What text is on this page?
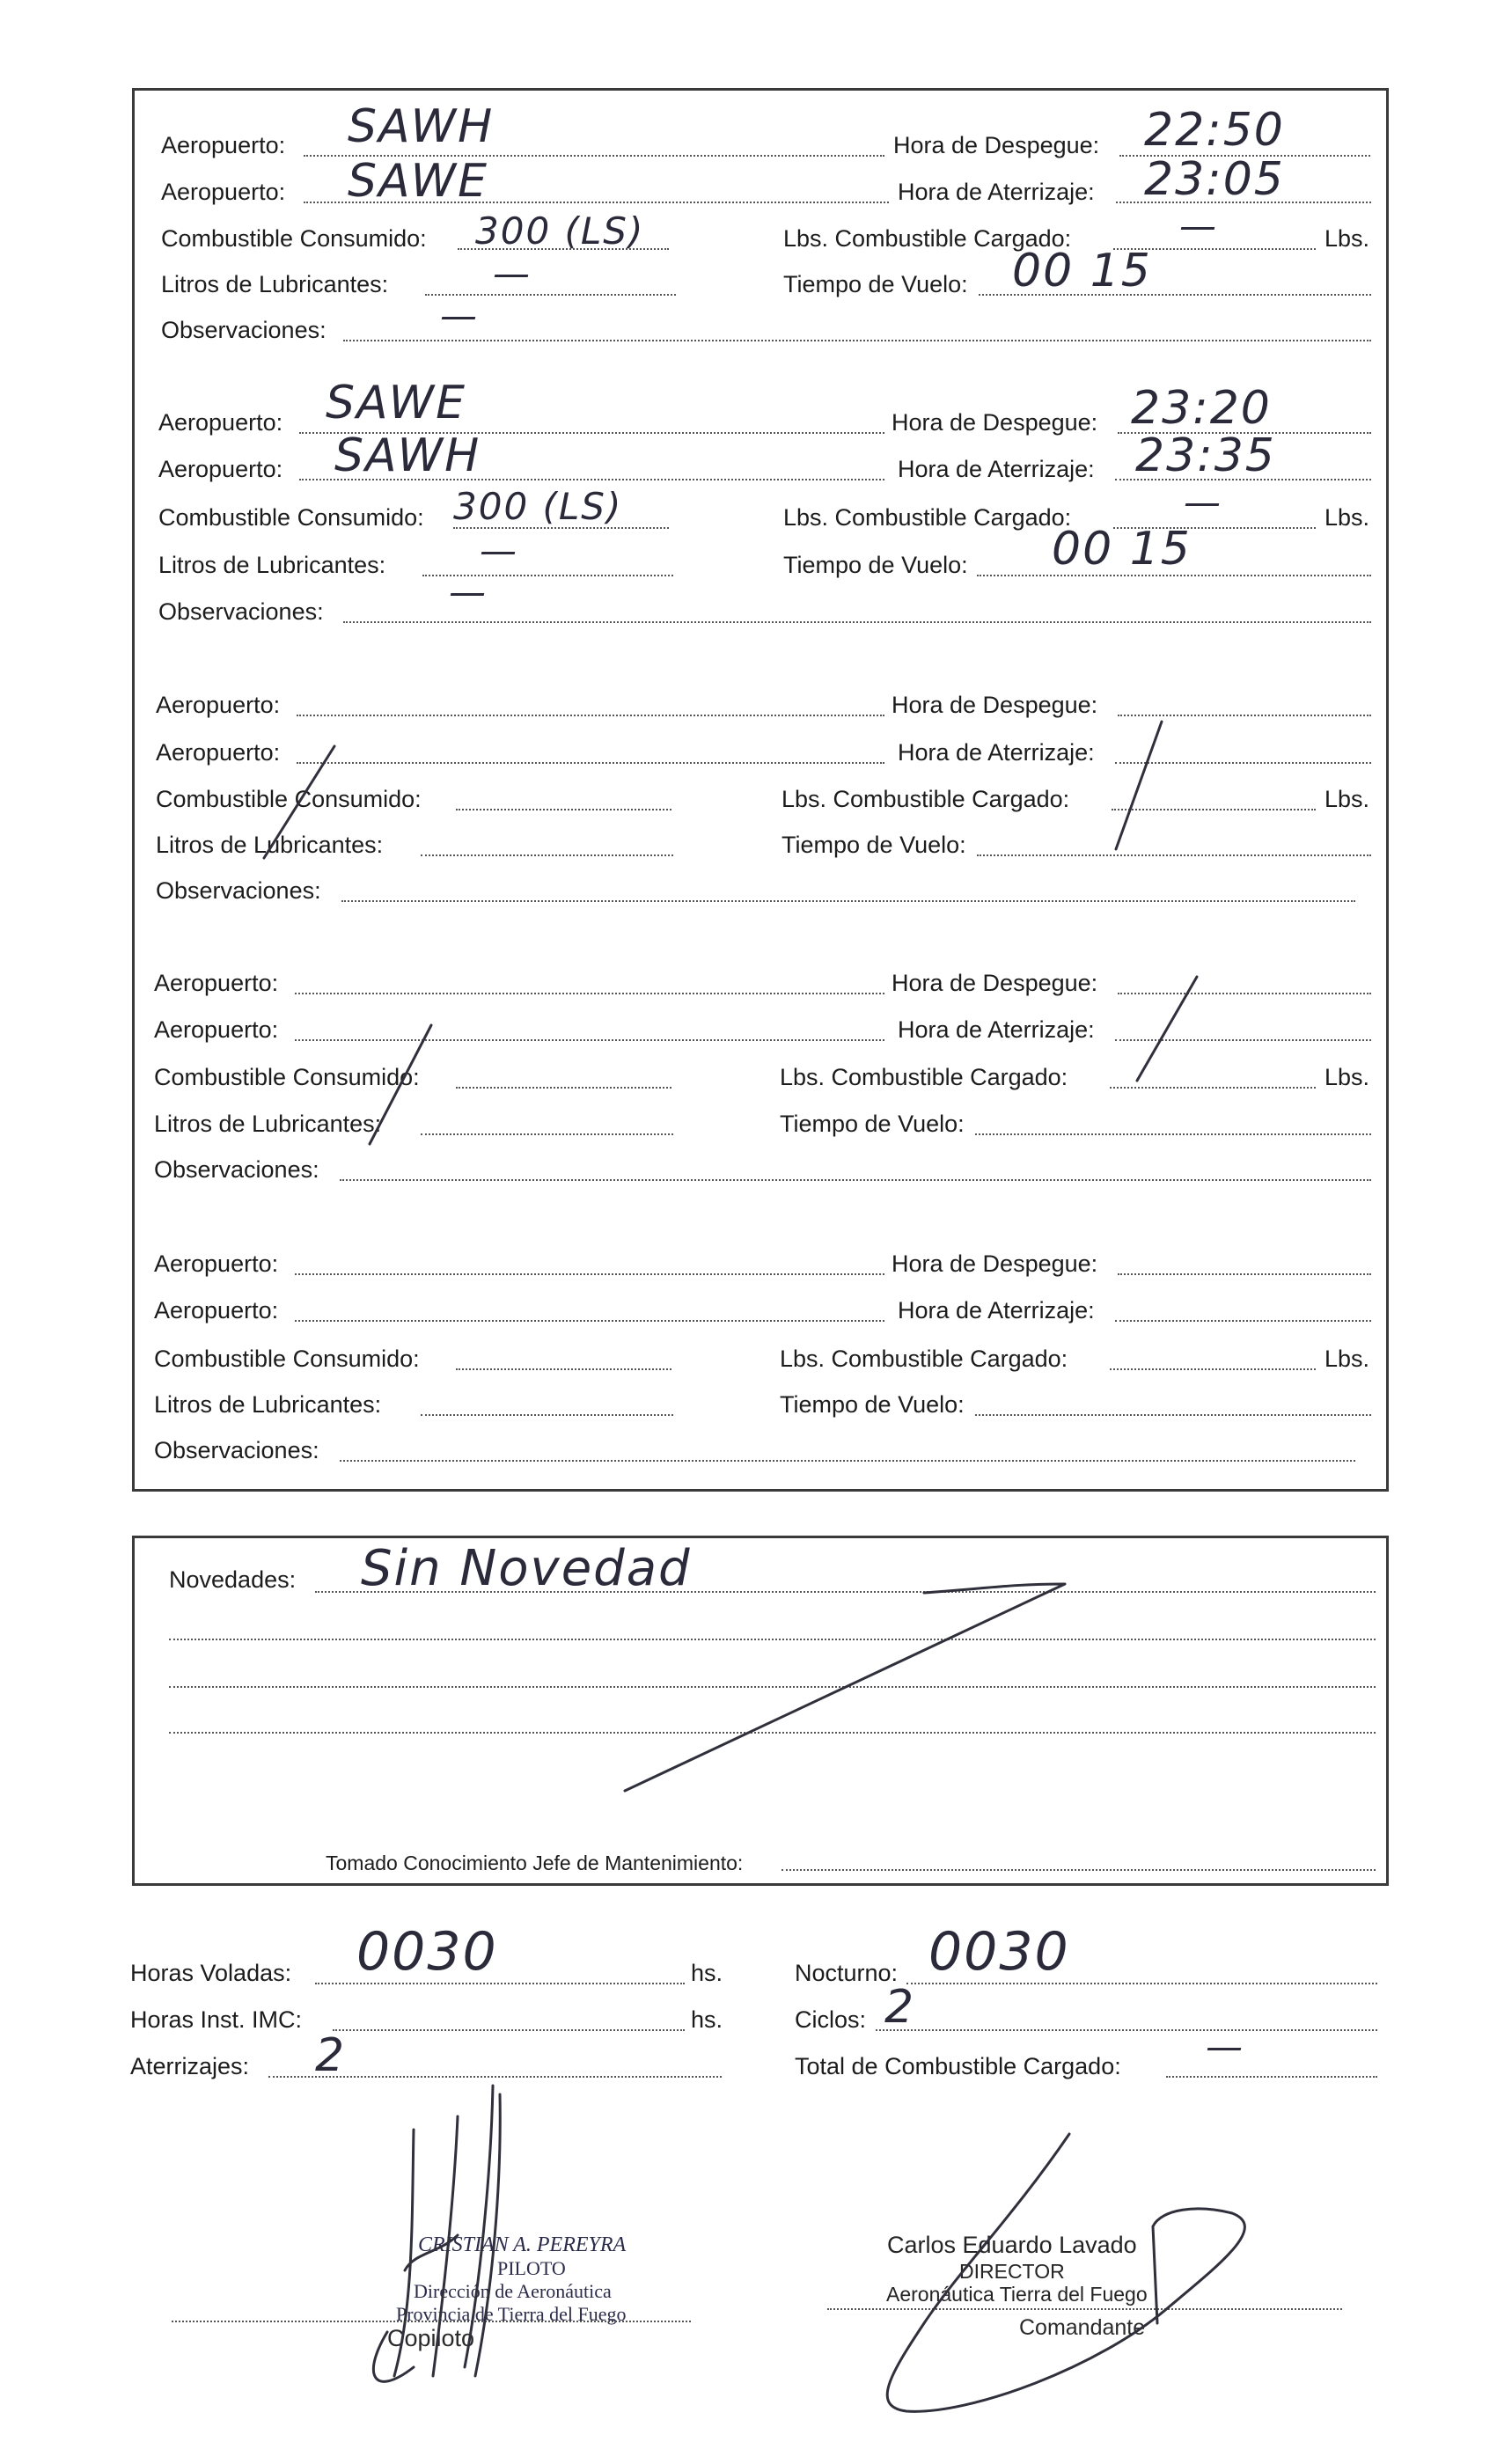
Aeropuerto: SAWH	Hora de Despegue: 22:50
Aeropuerto: SAWE	Hora de Aterrizaje: 23:05
Combustible Consumido: 300 (LS)	Lbs. Combustible Cargado:	—	Lbs.
Litros de Lubricantes:	—	Tiempo de Vuelo: 00 15
Observaciones:	—
Aeropuerto: SAWE	Hora de Despegue: 23:20
Aeropuerto: SAWH	Hora de Aterrizaje: 23:35
Combustible Consumido: 300 (LS)	Lbs. Combustible Cargado:	—	Lbs.
Litros de Lubricantes:	—	Tiempo de Vuelo: 00 15
Observaciones:	—
Aeropuerto:	Hora de Despegue:
Aeropuerto:	Hora de Aterrizaje:
Combustible Consumido:	Lbs. Combustible Cargado:	Lbs.
Litros de Lubricantes:	Tiempo de Vuelo:
Observaciones:
Aeropuerto:	Hora de Despegue:
Aeropuerto:	Hora de Aterrizaje:
Combustible Consumido:	Lbs. Combustible Cargado:	Lbs.
Litros de Lubricantes:	Tiempo de Vuelo:
Observaciones:
Aeropuerto:	Hora de Despegue:
Aeropuerto:	Hora de Aterrizaje:
Combustible Consumido:	Lbs. Combustible Cargado:	Lbs.
Litros de Lubricantes:	Tiempo de Vuelo:
Observaciones:
Novedades: Sin Novedad
Tomado Conocimiento Jefe de Mantenimiento:
Horas Voladas: 0030	hs.
Horas Inst. IMC:	hs.
Aterrizajes: 2
Nocturno: 0030
Ciclos: 2
Total de Combustible Cargado: —
CRISTIAN A. PEREYRA
PILOTO
Dirección de Aeronáutica
Provincia de Tierra del Fuego
Copiloto
Carlos Eduardo Lavado
DIRECTOR
Aeronáutica Tierra del Fuego
Comandante
